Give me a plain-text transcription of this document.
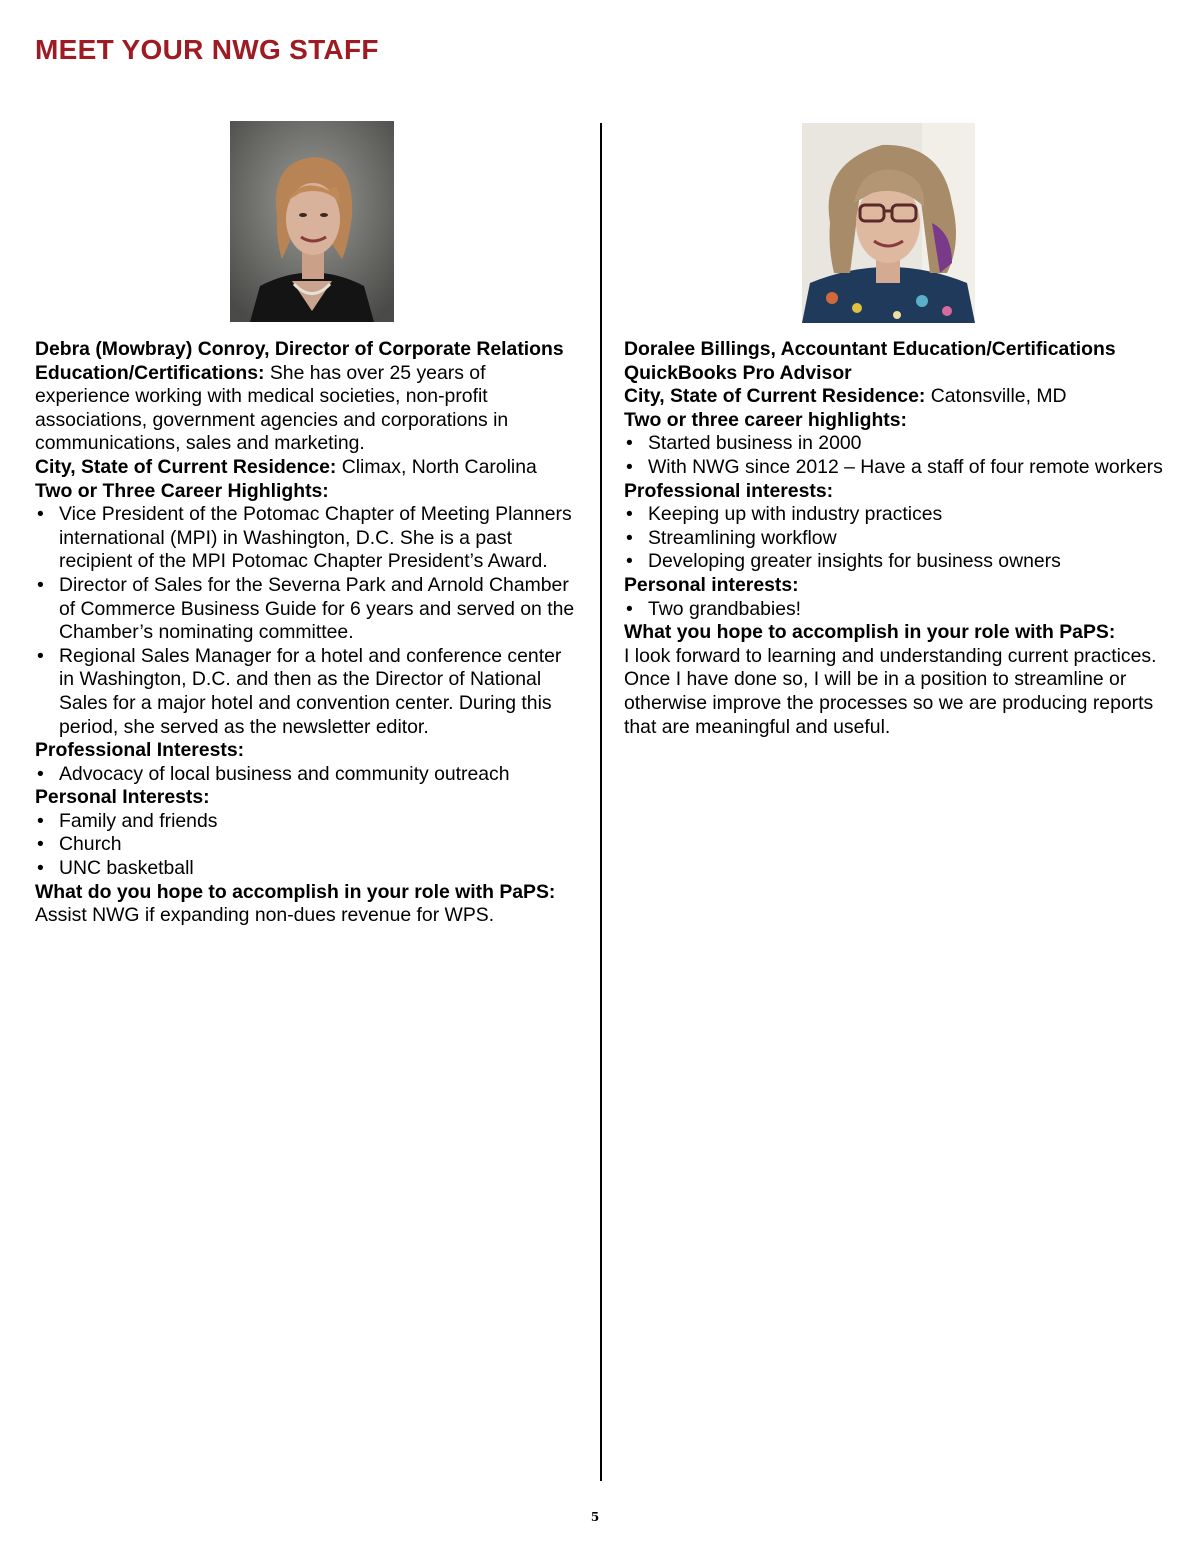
MEET YOUR NWG STAFF

Debra (Mowbray) Conroy, Director of Corporate Relations

Education/Certifications: She has over 25 years of experience working with medical societies, non-profit associations, government agencies and corporations in communications, sales and marketing.

City, State of Current Residence: Climax, North Carolina

Two or Three Career Highlights:

• Vice President of the Potomac Chapter of Meeting Planners international (MPI) in Washington, D.C. She is a past recipient of the MPI Potomac Chapter President’s Award.
• Director of Sales for the Severna Park and Arnold Chamber of Commerce Business Guide for 6 years and served on the Chamber’s nominating committee.
• Regional Sales Manager for a hotel and conference center in Washington, D.C. and then as the Director of National Sales for a major hotel and convention center. During this period, she served as the newsletter editor.

Professional Interests:

• Advocacy of local business and community outreach

Personal Interests:

• Family and friends
• Church
• UNC basketball

What do you hope to accomplish in your role with PaPS: Assist NWG if expanding non-dues revenue for WPS.

Doralee Billings, Accountant Education/Certifications QuickBooks Pro Advisor

City, State of Current Residence: Catonsville, MD

Two or three career highlights:

• Started business in 2000
• With NWG since 2012 – Have a staff of four remote workers

Professional interests:

• Keeping up with industry practices
• Streamlining workflow
• Developing greater insights for business owners

Personal interests:

• Two grandbabies!

What you hope to accomplish in your role with PaPS:

I look forward to learning and understanding current practices. Once I have done so, I will be in a position to streamline or otherwise improve the processes so we are producing reports that are meaningful and useful.

5
